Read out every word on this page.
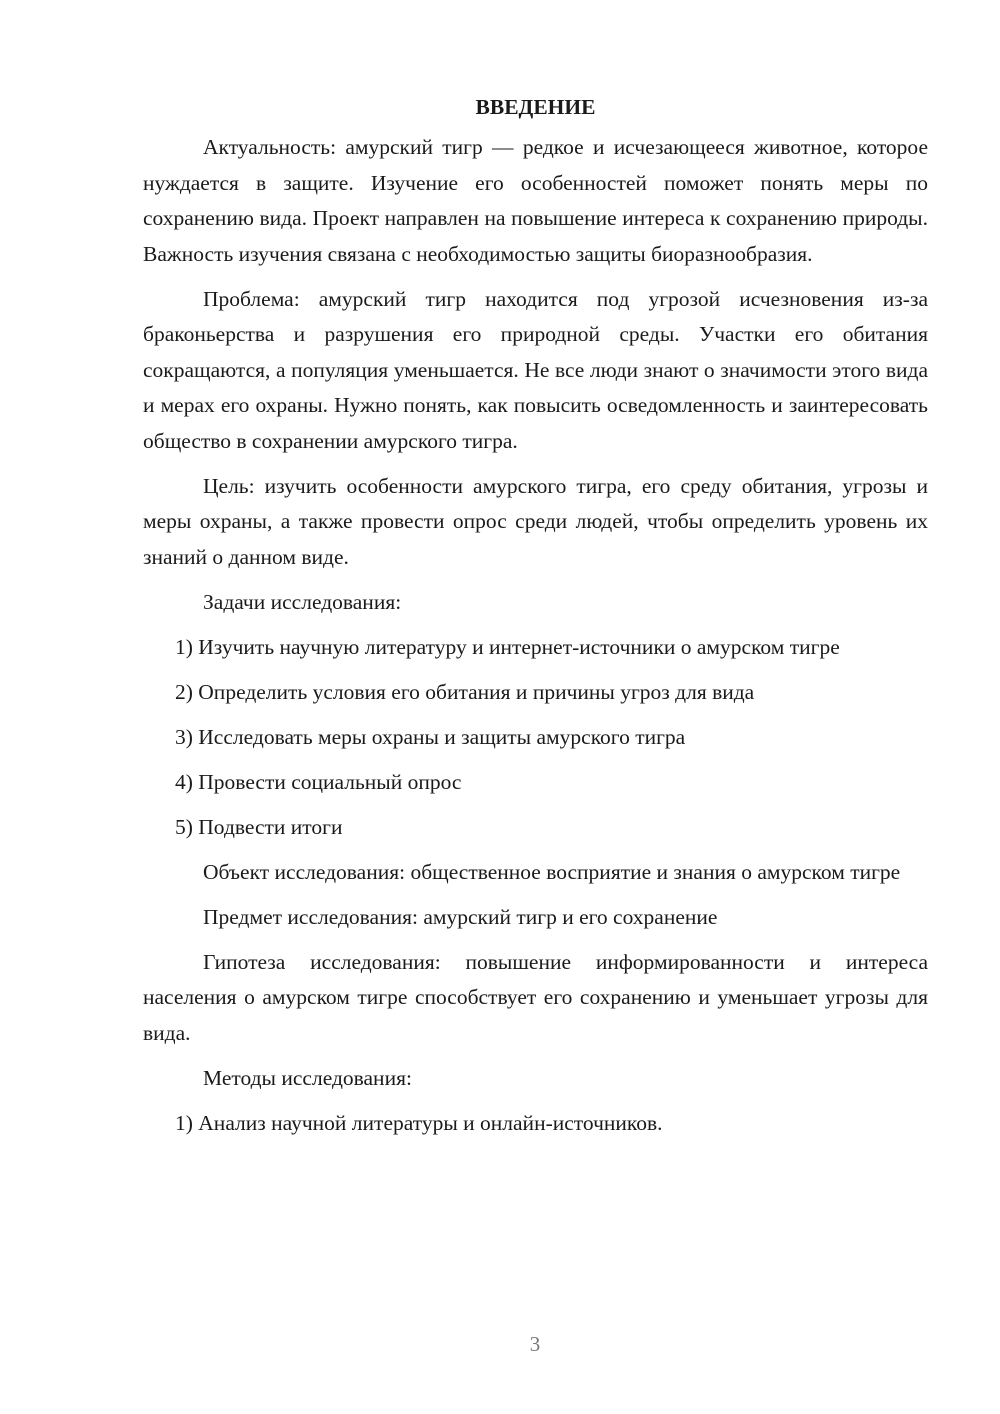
ВВЕДЕНИЕ

Актуальность: амурский тигр — редкое и исчезающееся животное, которое нуждается в защите. Изучение его особенностей поможет понять меры по сохранению вида. Проект направлен на повышение интереса к сохранению природы. Важность изучения связана с необходимостью защиты биоразнообразия.

Проблема: амурский тигр находится под угрозой исчезновения из-за браконьерства и разрушения его природной среды. Участки его обитания сокращаются, а популяция уменьшается. Не все люди знают о значимости этого вида и мерах его охраны. Нужно понять, как повысить осведомленность и заинтересовать общество в сохранении амурского тигра.

Цель: изучить особенности амурского тигра, его среду обитания, угрозы и меры охраны, а также провести опрос среди людей, чтобы определить уровень их знаний о данном виде.

Задачи исследования:

1) Изучить научную литературу и интернет-источники о амурском тигре

2) Определить условия его обитания и причины угроз для вида

3) Исследовать меры охраны и защиты амурского тигра

4) Провести социальный опрос

5) Подвести итоги

Объект исследования: общественное восприятие и знания о амурском тигре

Предмет исследования: амурский тигр и его сохранение

Гипотеза исследования: повышение информированности и интереса населения о амурском тигре способствует его сохранению и уменьшает угрозы для вида.

Методы исследования:

1) Анализ научной литературы и онлайн-источников.

3
